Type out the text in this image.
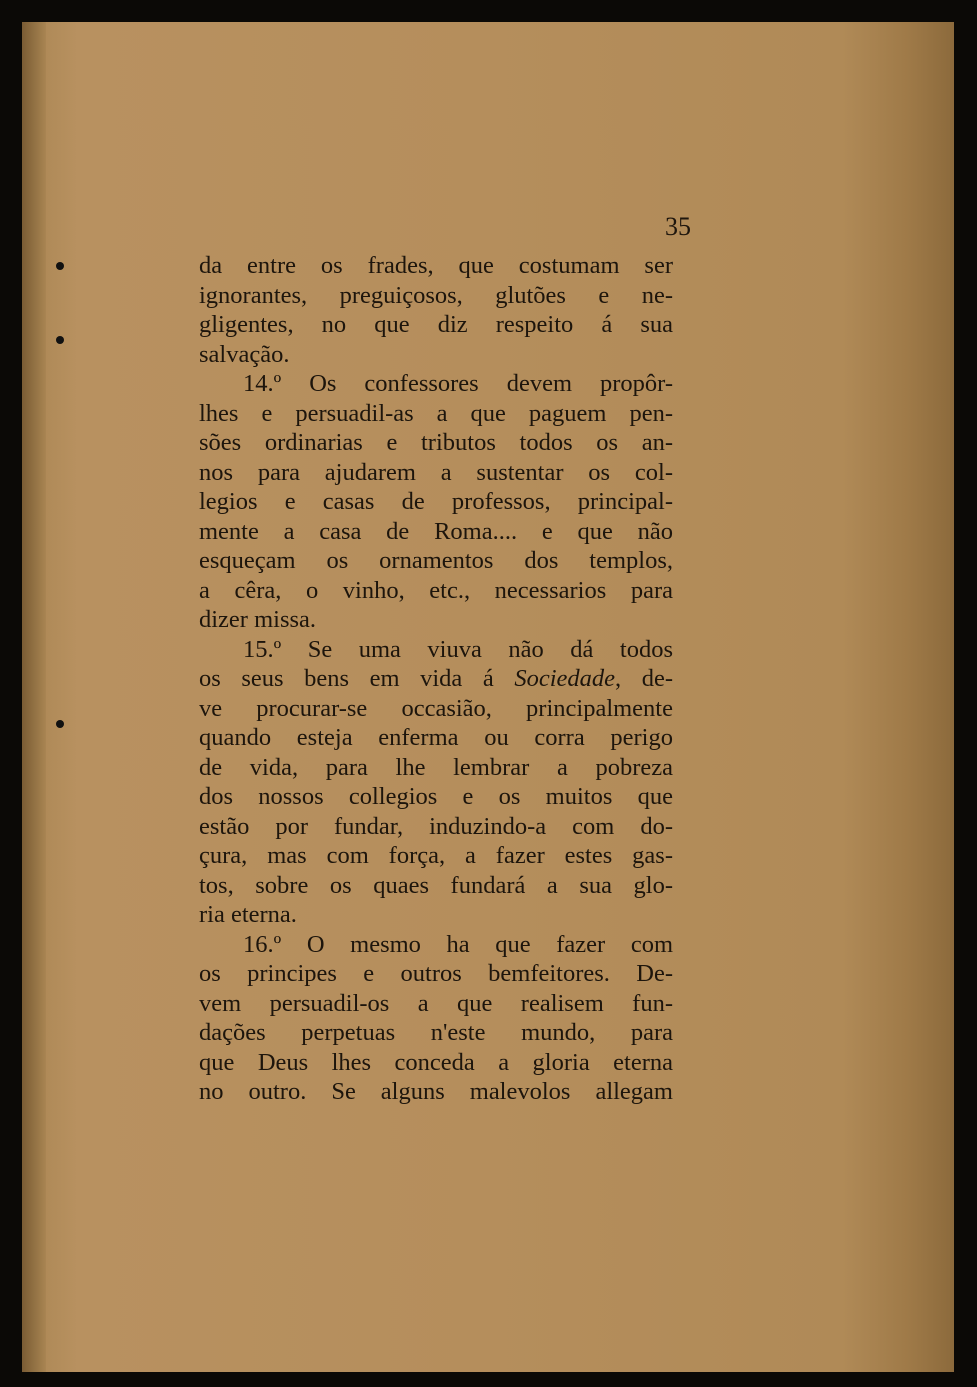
35
da entre os frades, que costumam ser
ignorantes, preguiçosos, glutões e ne-
gligentes, no que diz respeito á sua
salvação.
14.º Os confessores devem propôr-
lhes e persuadil-as a que paguem pen-
sões ordinarias e tributos todos os an-
nos para ajudarem a sustentar os col-
legios e casas de professos, principal-
mente a casa de Roma.... e que não
esqueçam os ornamentos dos templos,
a cêra, o vinho, etc., necessarios para
dizer missa.
15.º Se uma viuva não dá todos
os seus bens em vida á Sociedade, de-
ve procurar-se occasião, principalmente
quando esteja enferma ou corra perigo
de vida, para lhe lembrar a pobreza
dos nossos collegios e os muitos que
estão por fundar, induzindo-a com do-
çura, mas com força, a fazer estes gas-
tos, sobre os quaes fundará a sua glo-
ria eterna.
16.º O mesmo ha que fazer com
os principes e outros bemfeitores. De-
vem persuadil-os a que realisem fun-
dações perpetuas n'este mundo, para
que Deus lhes conceda a gloria eterna
no outro. Se alguns malevolos allegam
